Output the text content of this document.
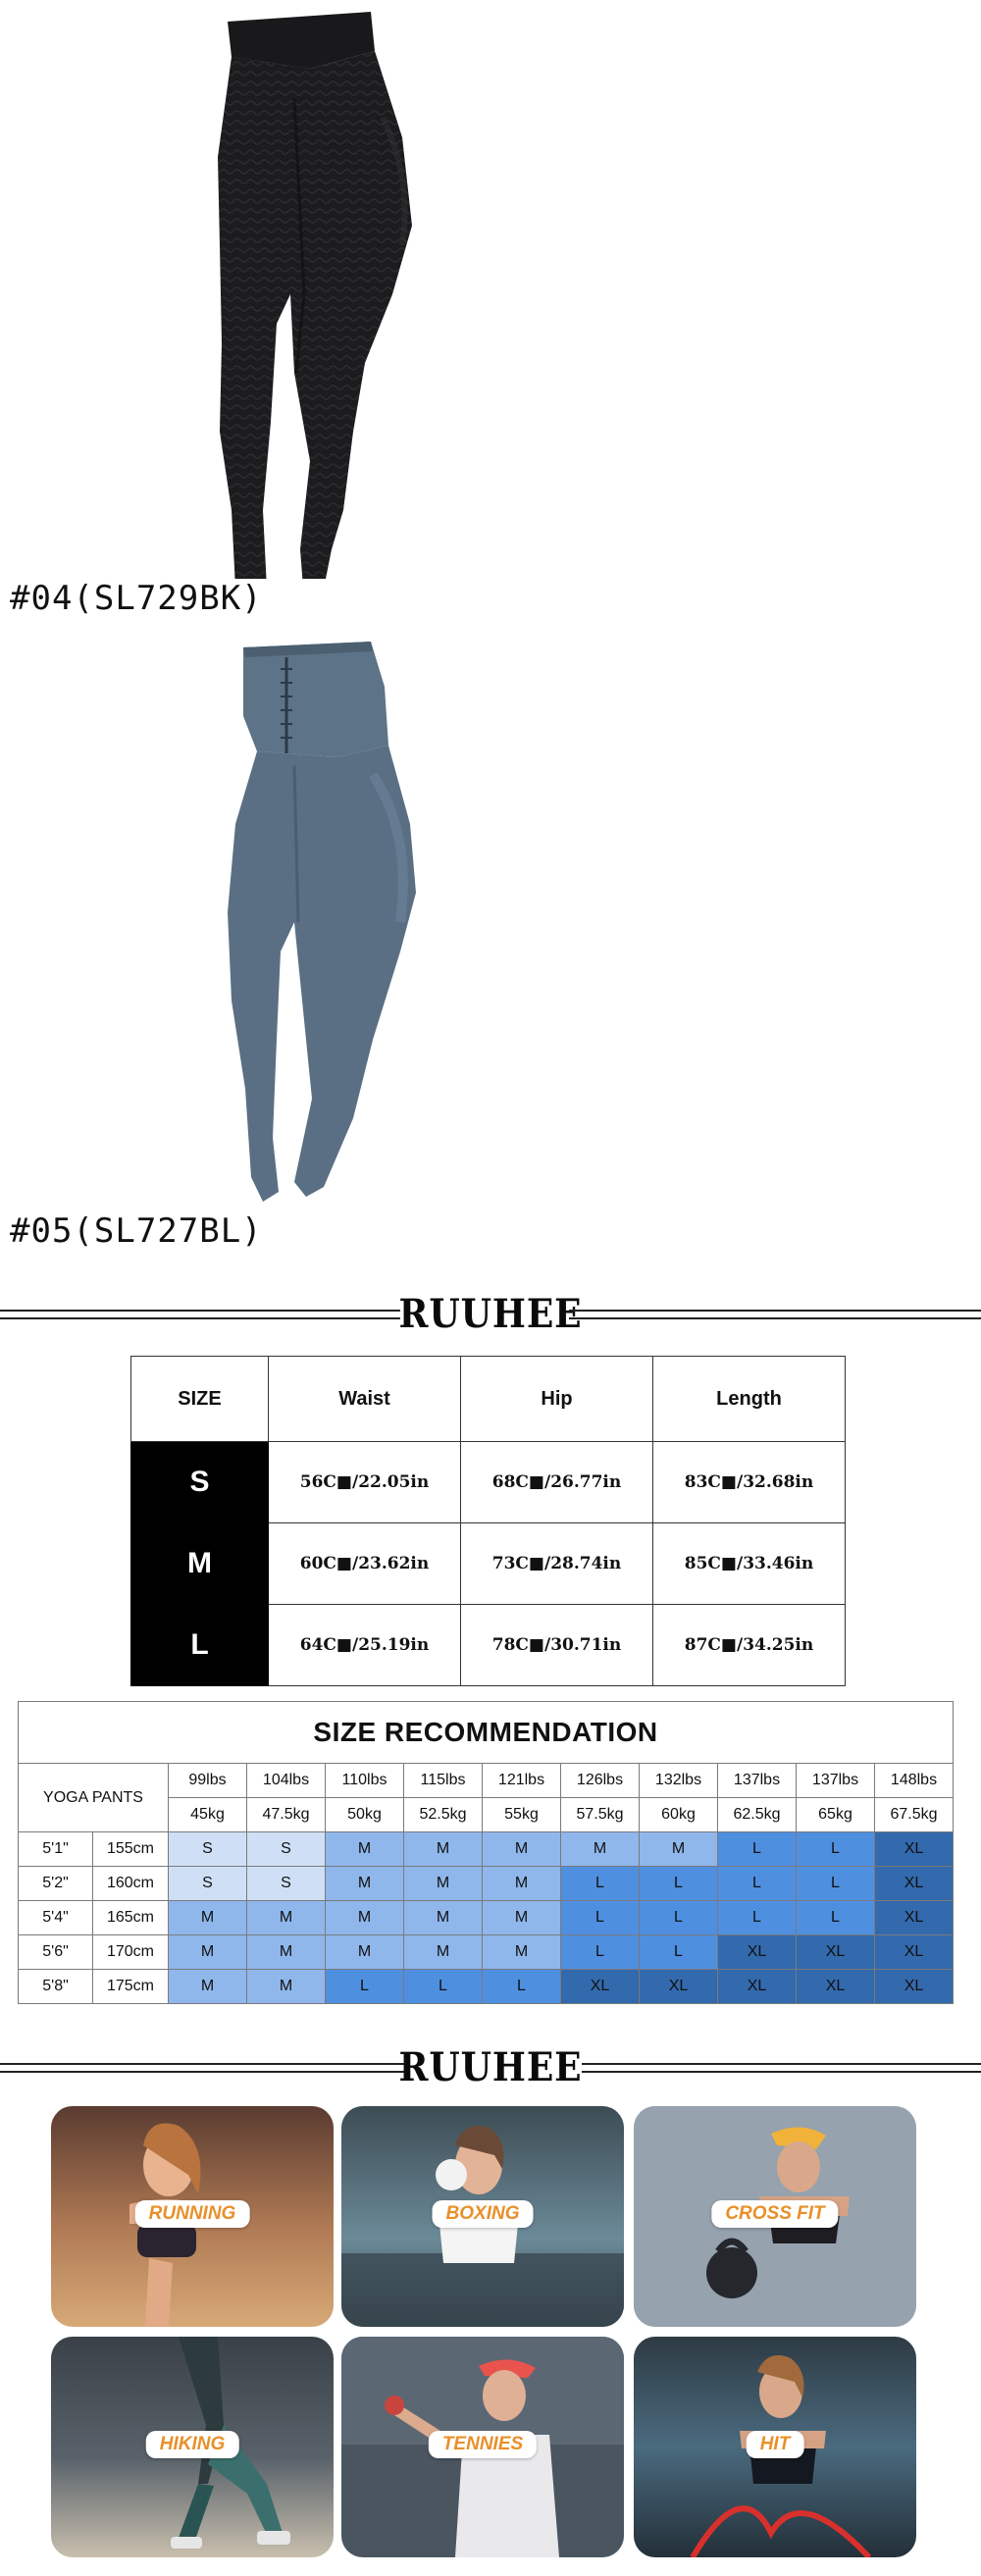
#04(SL729BK)
#05(SL727BL)
RUUHEE
SIZE	Waist	Hip	Length
S	56C■/22.05in	68C■/26.77in	83C■/32.68in
M	60C■/23.62in	73C■/28.74in	85C■/33.46in
L	64C■/25.19in	78C■/30.71in	87C■/34.25in
SIZE RECOMMENDATION											
YOGA PANTS		99lbs	104lbs	110lbs	115lbs	121lbs	126lbs	132lbs	137lbs	137lbs	148lbs
		45kg	47.5kg	50kg	52.5kg	55kg	57.5kg	60kg	62.5kg	65kg	67.5kg
5'1"	155cm	S	S	M	M	M	M	M	L	L	XL
5'2"	160cm	S	S	M	M	M	L	L	L	L	XL
5'4"	165cm	M	M	M	M	M	L	L	L	L	XL
5'6"	170cm	M	M	M	M	M	L	L	XL	XL	XL
5'8"	175cm	M	M	L	L	L	XL	XL	XL	XL	XL
RUUHEE
RUNNING	BOXING	CROSS FIT
HIKING	TENNIES	HIT
